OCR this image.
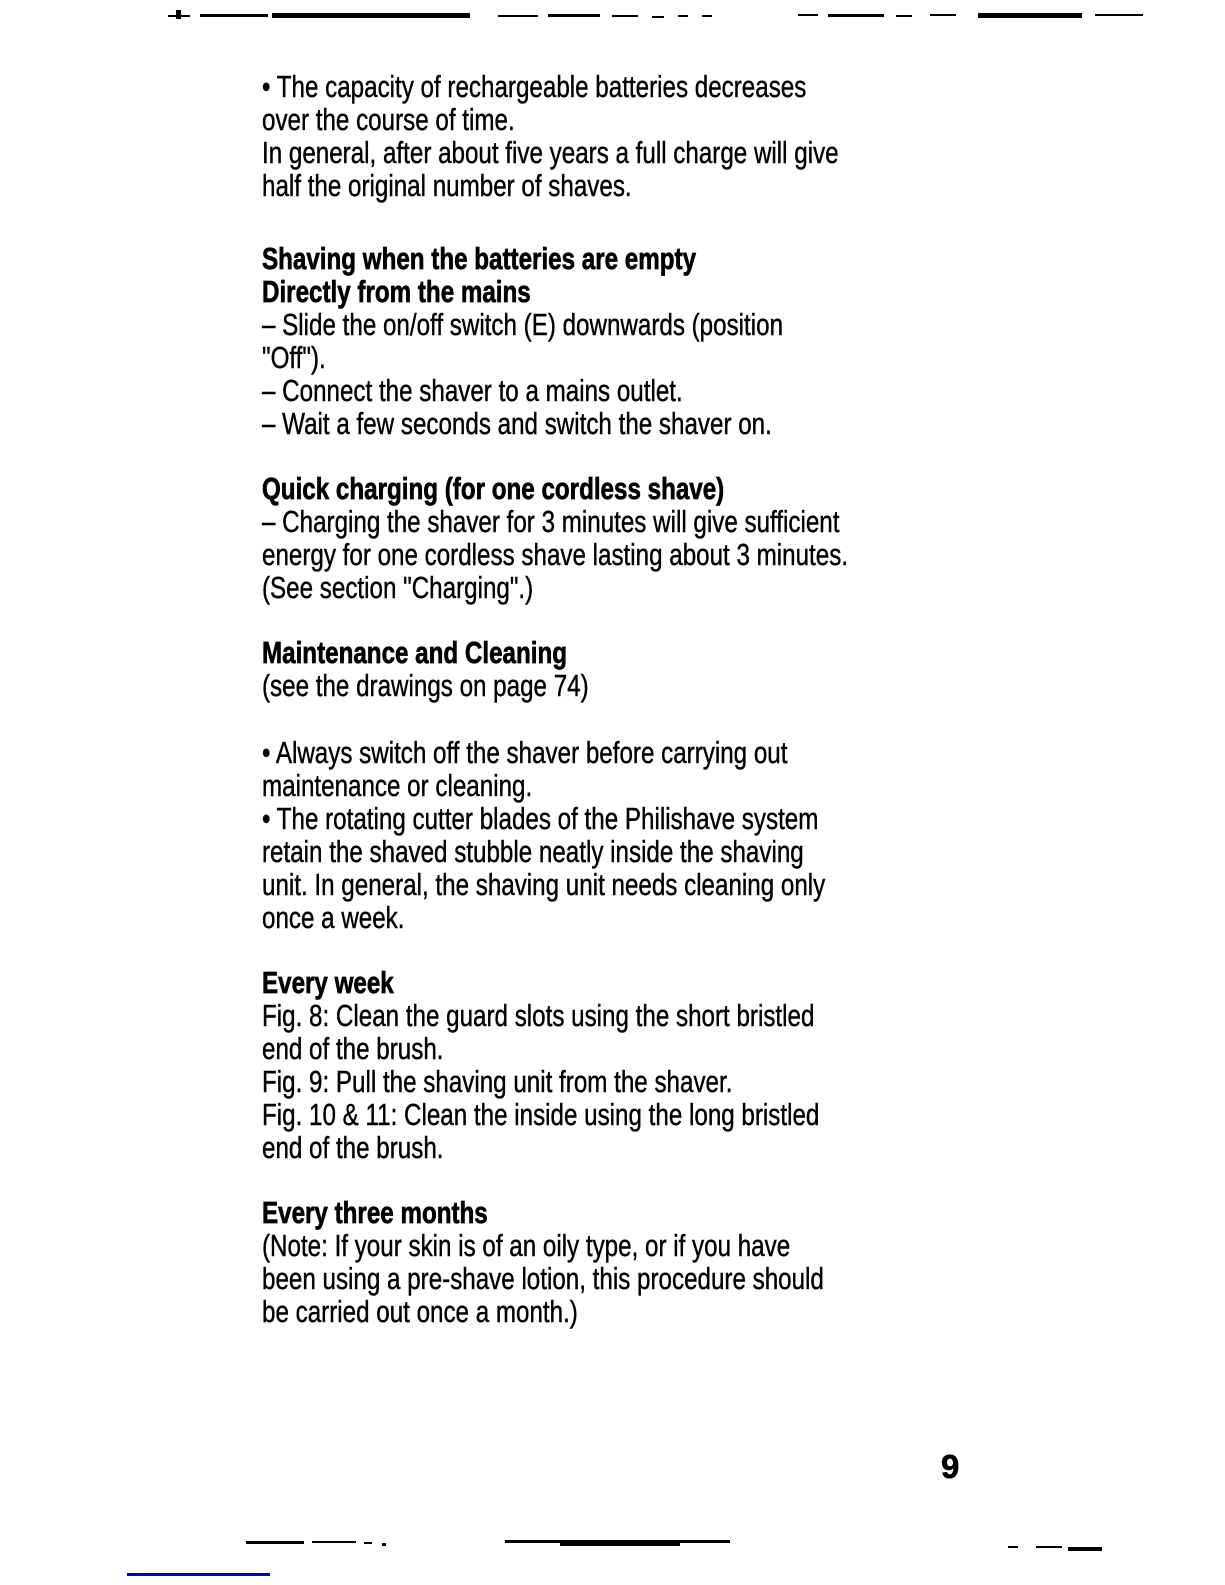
• The capacity of rechargeable batteries decreases
over the course of time.
In general, after about five years a full charge will give
half the original number of shaves.
Shaving when the batteries are empty
Directly from the mains
– Slide the on/off switch (E) downwards (position
"Off").
– Connect the shaver to a mains outlet.
– Wait a few seconds and switch the shaver on.
Quick charging (for one cordless shave)
– Charging the shaver for 3 minutes will give sufficient
energy for one cordless shave lasting about 3 minutes.
(See section "Charging".)
Maintenance and Cleaning
(see the drawings on page 74)
• Always switch off the shaver before carrying out
maintenance or cleaning.
• The rotating cutter blades of the Philishave system
retain the shaved stubble neatly inside the shaving
unit. In general, the shaving unit needs cleaning only
once a week.
Every week
Fig. 8: Clean the guard slots using the short bristled
end of the brush.
Fig. 9: Pull the shaving unit from the shaver.
Fig. 10 & 11: Clean the inside using the long bristled
end of the brush.
Every three months
(Note: If your skin is of an oily type, or if you have
been using a pre-shave lotion, this procedure should
be carried out once a month.)
9
